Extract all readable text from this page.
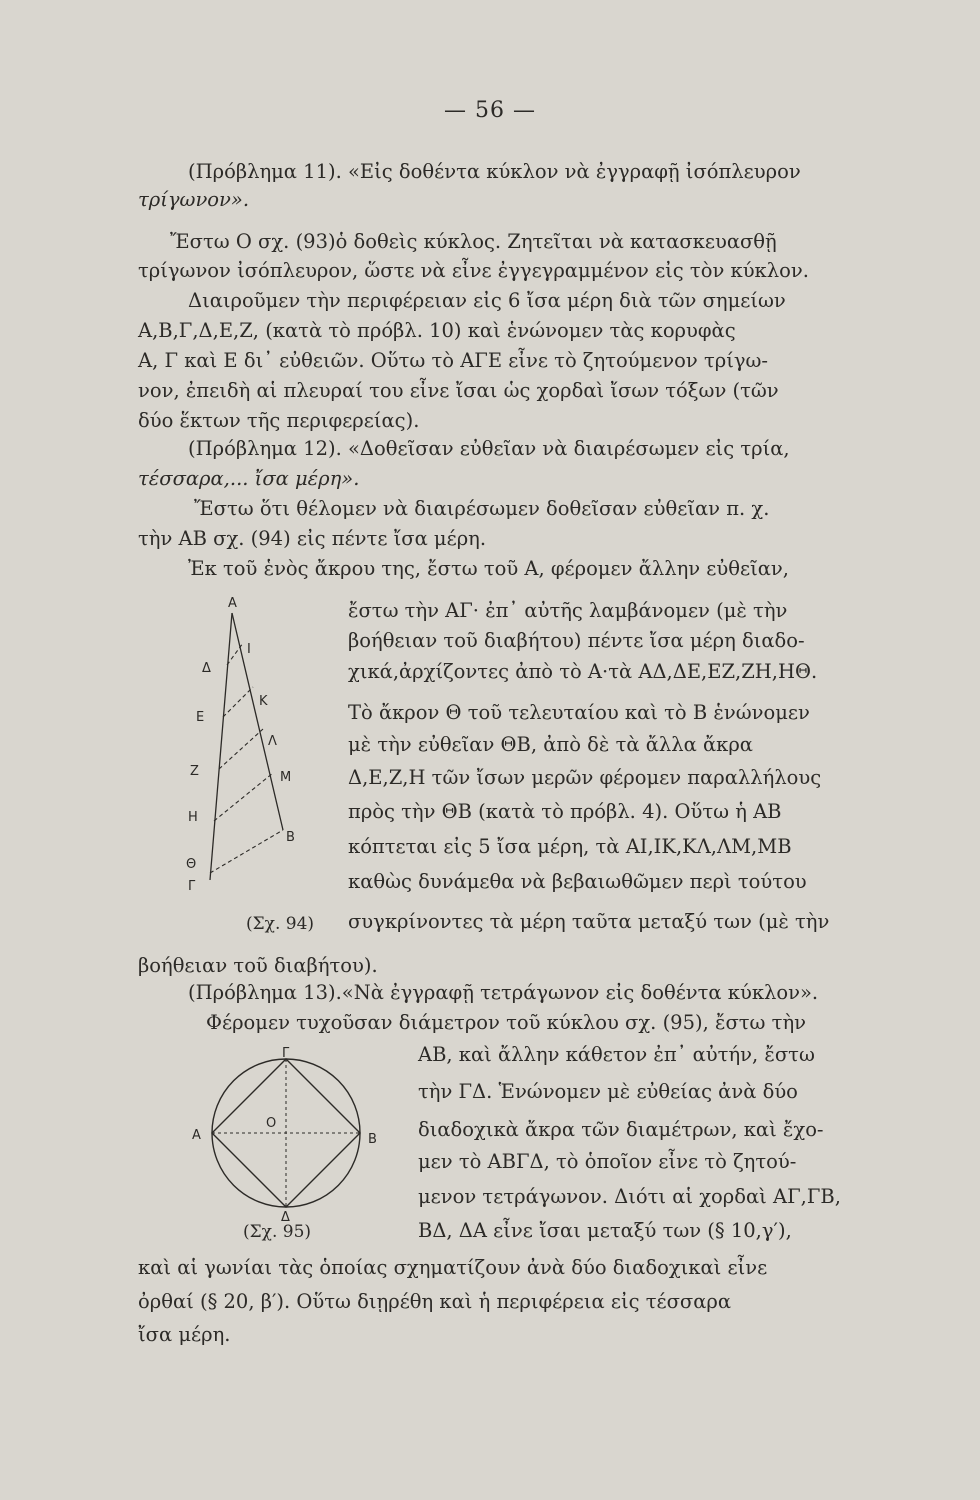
— 56 —
(Πρόβλημα 11). «Εἰς δοθέντα κύκλον νὰ ἐγγραφῇ ἰσόπλευρον
τρίγωνον».
Ἔστω Ο σχ. (93)ὁ δοθεὶς κύκλος. Ζητεῖται νὰ κατασκευασθῇ
τρίγωνον ἰσόπλευρον, ὥστε νὰ εἶνε ἐγγεγραμμένον εἰς τὸν κύκλον.
Διαιροῦμεν τὴν περιφέρειαν εἰς 6 ἴσα μέρη διὰ τῶν σημείων
Α,Β,Γ,Δ,Ε,Ζ, (κατὰ τὸ πρόβλ. 10) καὶ ἑνώνομεν τὰς κορυφὰς
Α, Γ καὶ Ε δι᾽ εὐθειῶν. Οὕτω τὸ ΑΓΕ εἶνε τὸ ζητούμενον τρίγω-
νον, ἐπειδὴ αἱ πλευραί του εἶνε ἴσαι ὡς χορδαὶ ἴσων τόξων (τῶν
δύο ἕκτων τῆς περιφερείας).
(Πρόβλημα 12). «Δοθεῖσαν εὐθεῖαν νὰ διαιρέσωμεν εἰς τρία,
τέσσαρα,... ἴσα μέρη».
Ἔστω ὅτι θέλομεν νὰ διαιρέσωμεν δοθεῖσαν εὐθεῖαν π. χ.
τὴν ΑΒ σχ. (94) εἰς πέντε ἴσα μέρη.
Ἐκ τοῦ ἑνὸς ἄκρου της, ἔστω τοῦ Α, φέρομεν ἄλλην εὐθεῖαν,
ἔστω τὴν ΑΓ· ἐπ᾽ αὐτῆς λαμβάνομεν (μὲ τὴν
βοήθειαν τοῦ διαβήτου) πέντε ἴσα μέρη διαδο-
χικά,ἀρχίζοντες ἀπὸ τὸ Α·τὰ ΑΔ,ΔΕ,ΕΖ,ΖΗ,ΗΘ.
Τὸ ἄκρον Θ τοῦ τελευταίου καὶ τὸ Β ἑνώνομεν
μὲ τὴν εὐθεῖαν ΘΒ, ἀπὸ δὲ τὰ ἄλλα ἄκρα
Δ,Ε,Ζ,Η τῶν ἴσων μερῶν φέρομεν παραλλήλους
πρὸς τὴν ΘΒ (κατὰ τὸ πρόβλ. 4). Οὕτω ἡ ΑΒ
κόπτεται εἰς 5 ἴσα μέρη, τὰ ΑΙ,ΙΚ,ΚΛ,ΛΜ,ΜΒ
καθὼς δυνάμεθα νὰ βεβαιωθῶμεν περὶ τούτου
συγκρίνοντες τὰ μέρη ταῦτα μεταξύ των (μὲ τὴν
βοήθειαν τοῦ διαβήτου).
(Σχ. 94)
Α
Ι
Δ
Κ
Ε
Λ
Ζ	Μ
Η
Β
Θ
Γ
(Πρόβλημα 13).«Νὰ ἐγγραφῇ τετράγωνον εἰς δοθέντα κύκλον».
Φέρομεν τυχοῦσαν διάμετρον τοῦ κύκλου σχ. (95), ἔστω τὴν
ΑΒ, καὶ ἄλλην κάθετον ἐπ᾽ αὐτήν, ἔστω
τὴν ΓΔ. Ἑνώνομεν μὲ εὐθείας ἀνὰ δύο
διαδοχικὰ ἄκρα τῶν διαμέτρων, καὶ ἔχο-
μεν τὸ ΑΒΓΔ, τὸ ὁποῖον εἶνε τὸ ζητού-
μενον τετράγωνον. Διότι αἱ χορδαὶ ΑΓ,ΓΒ,
ΒΔ, ΔΑ εἶνε ἴσαι μεταξύ των (§ 10,γ′),
(Σχ. 95)
Γ
Α
Ο
Β
Δ
καὶ αἱ γωνίαι τὰς ὁποίας σχηματίζουν ἀνὰ δύο διαδοχικαὶ εἶνε
ὀρθαί (§ 20, β′). Οὕτω διῃρέθη καὶ ἡ περιφέρεια εἰς τέσσαρα
ἴσα μέρη.
